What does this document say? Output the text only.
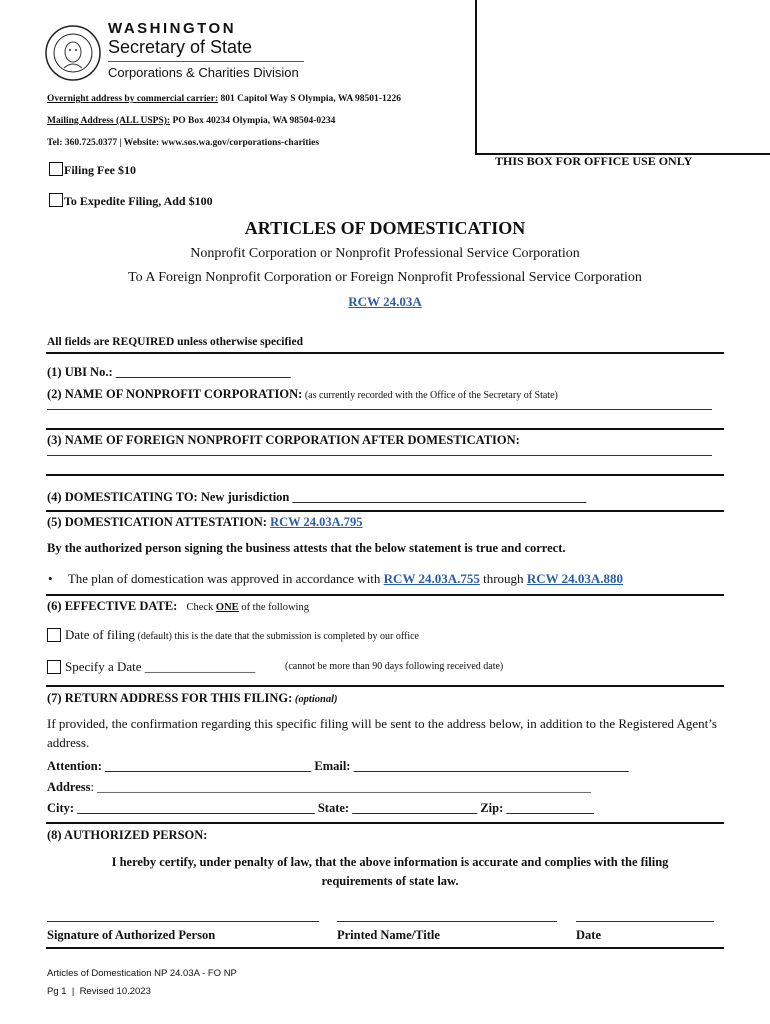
THIS BOX FOR OFFICE USE ONLY
WASHINGTON
Secretary of State
Corporations & Charities Division
Overnight address by commercial carrier: 801 Capitol Way S Olympia, WA 98501-1226
Mailing Address (ALL USPS): PO Box 40234 Olympia, WA 98504-0234
Tel: 360.725.0377 | Website: www.sos.wa.gov/corporations-charities
Filing Fee $10
To Expedite Filing, Add $100
ARTICLES OF DOMESTICATION
Nonprofit Corporation or Nonprofit Professional Service Corporation
To A Foreign Nonprofit Corporation or Foreign Nonprofit Professional Service Corporation
RCW 24.03A
All fields are REQUIRED unless otherwise specified
(1) UBI No.: ____________________________
(2) NAME OF NONPROFIT CORPORATION: (as currently recorded with the Office of the Secretary of State)
(3) NAME OF FOREIGN NONPROFIT CORPORATION AFTER DOMESTICATION:
(4) DOMESTICATING TO: New jurisdiction _______________________________________________
(5) DOMESTICATION ATTESTATION: RCW 24.03A.795
By the authorized person signing the business attests that the below statement is true and correct.
• The plan of domestication was approved in accordance with RCW 24.03A.755 through RCW 24.03A.880
(6) EFFECTIVE DATE: Check ONE of the following
Date of filing (default) this is the date that the submission is completed by our office
Specify a Date _________________	(cannot be more than 90 days following received date)
(7) RETURN ADDRESS FOR THIS FILING: (optional)
If provided, the confirmation regarding this specific filing will be sent to the address below, in addition to the Registered Agent’s address.
Attention: _________________________________ Email: ____________________________________________
Address: _______________________________________________________________________________
City: ______________________________________ State: ____________________ Zip: ______________
(8) AUTHORIZED PERSON:
I hereby certify, under penalty of law, that the above information is accurate and complies with the filing requirements of state law.
Signature of Authorized Person	Printed Name/Title	Date
Articles of Domestication NP 24.03A - FO NP
Pg 1  |  Revised 10.2023
